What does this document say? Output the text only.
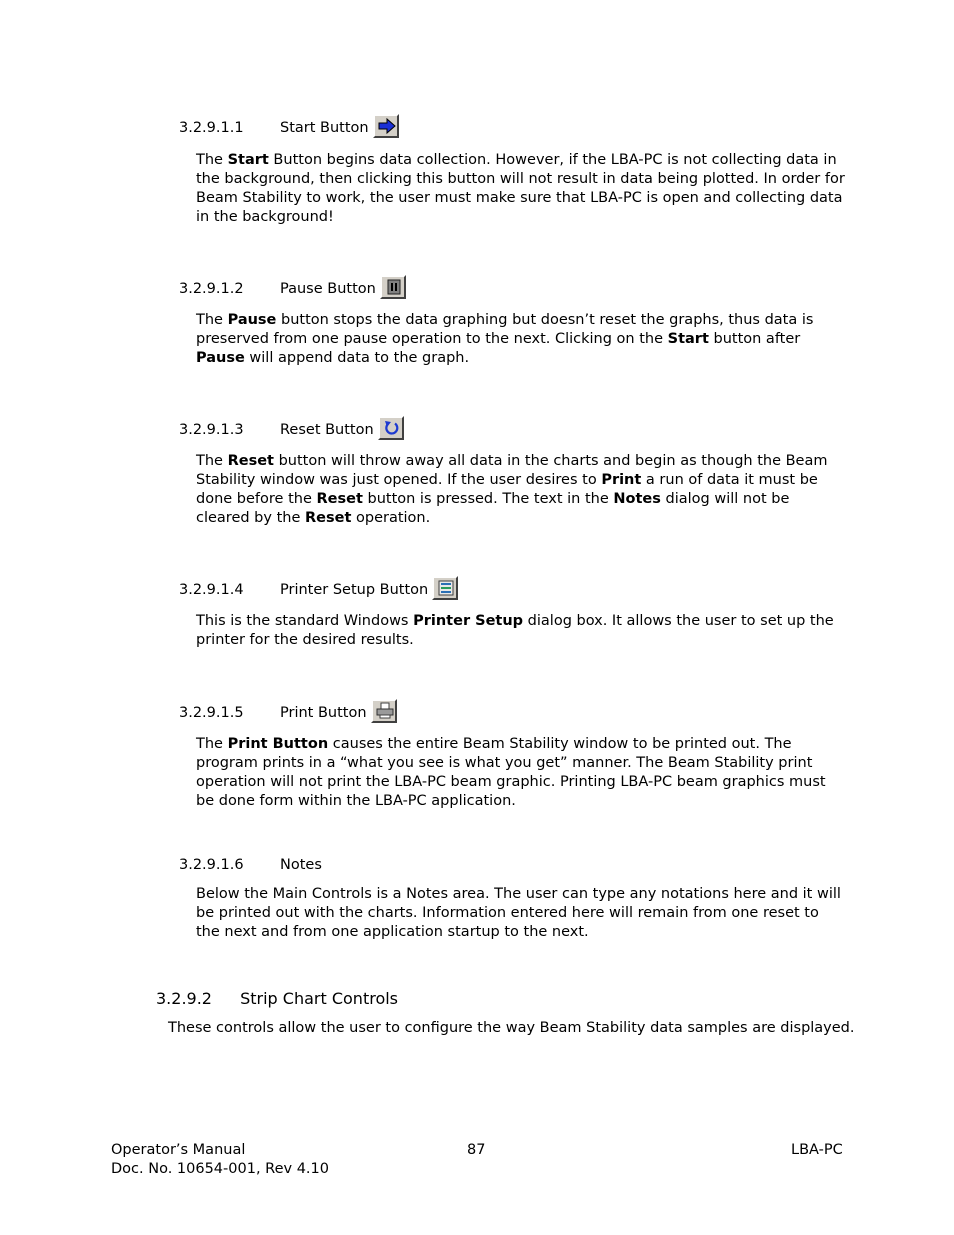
3.2.9.1.1	Start Button

The Start Button begins data collection. However, if the LBA-PC is not collecting data in the background, then clicking this button will not result in data being plotted. In order for Beam Stability to work, the user must make sure that LBA-PC is open and collecting data in the background!

3.2.9.1.2	Pause Button

The Pause button stops the data graphing but doesn’t reset the graphs, thus data is preserved from one pause operation to the next. Clicking on the Start button after Pause will append data to the graph.

3.2.9.1.3	Reset Button

The Reset button will throw away all data in the charts and begin as though the Beam Stability window was just opened. If the user desires to Print a run of data it must be done before the Reset button is pressed. The text in the Notes dialog will not be cleared by the Reset operation.

3.2.9.1.4	Printer Setup Button

This is the standard Windows Printer Setup dialog box. It allows the user to set up the printer for the desired results.

3.2.9.1.5	Print Button

The Print Button causes the entire Beam Stability window to be printed out. The program prints in a “what you see is what you get” manner. The Beam Stability print operation will not print the LBA-PC beam graphic. Printing LBA-PC beam graphics must be done form within the LBA-PC application.

3.2.9.1.6	Notes

Below the Main Controls is a Notes area. The user can type any notations here and it will be printed out with the charts. Information entered here will remain from one reset to the next and from one application startup to the next.

3.2.9.2 Strip Chart Controls

These controls allow the user to configure the way Beam Stability data samples are displayed.

Operator’s Manual
Doc. No. 10654-001, Rev 4.10
87	LBA-PC
